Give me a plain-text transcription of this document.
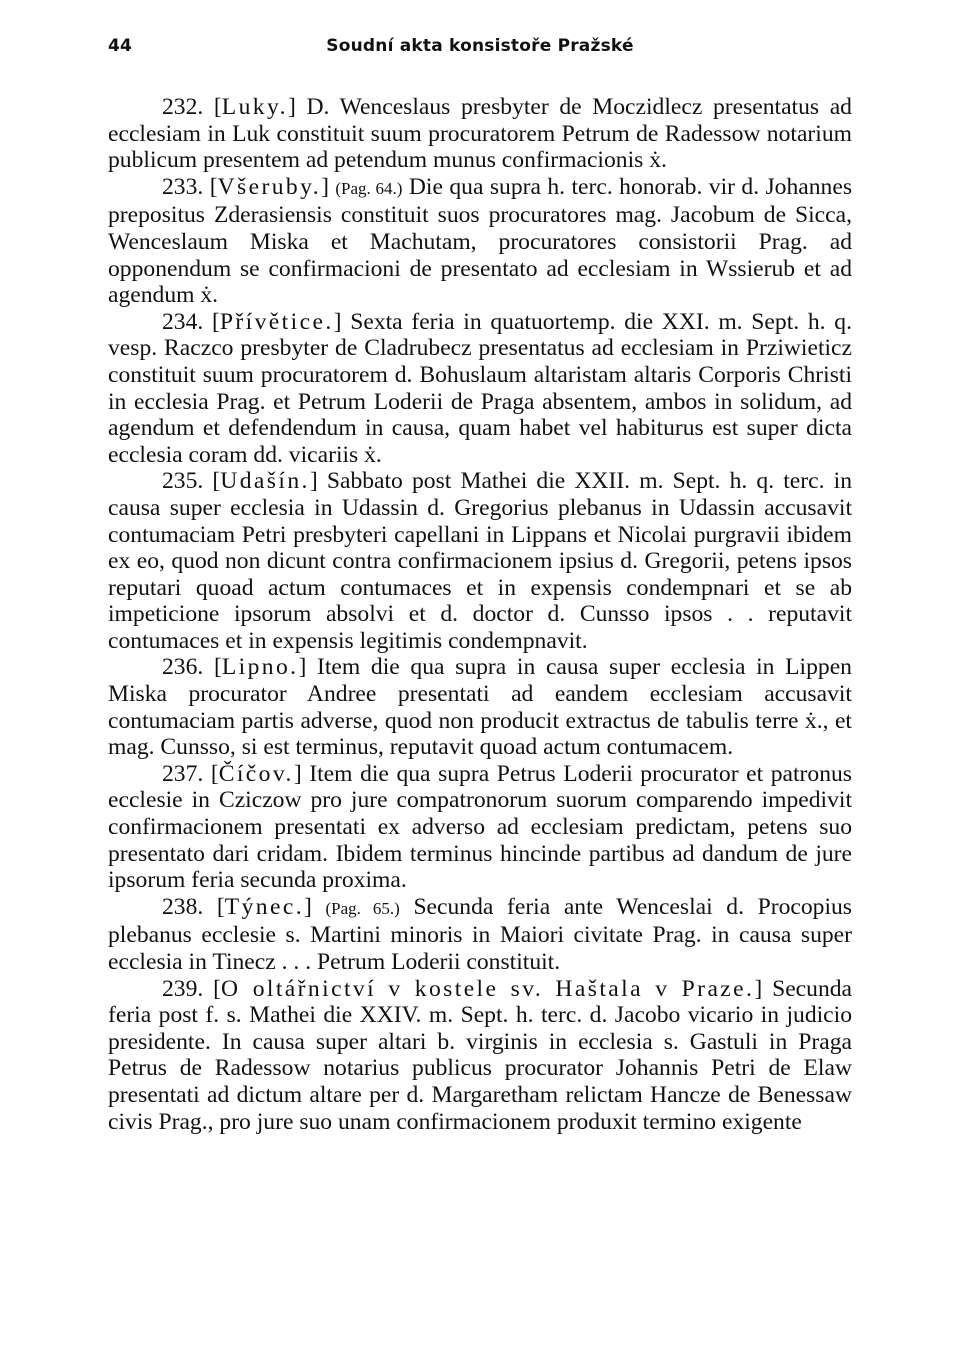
44	Soudní akta konsistoře Pražské

232. [Luky.] D. Wenceslaus presbyter de Moczidlecz presentatus ad ecclesiam in Luk constituit suum procuratorem Petrum de Radessow notarium publicum presentem ad petendum munus confirmacionis ẋ.

233. [Všeruby.] (Pag. 64.) Die qua supra h. terc. honorab. vir d. Johannes prepositus Zderasiensis constituit suos procuratores mag. Jacobum de Sicca, Wenceslaum Miska et Machutam, procuratores consistorii Prag. ad opponendum se confirmacioni de presentato ad ecclesiam in Wssierub et ad agendum ẋ.

234. [Přívětice.] Sexta feria in quatuortemp. die XXI. m. Sept. h. q. vesp. Raczco presbyter de Cladrubecz presentatus ad ecclesiam in Prziwieticz constituit suum procuratorem d. Bohuslaum altaristam altaris Corporis Christi in ecclesia Prag. et Petrum Loderii de Praga absentem, ambos in solidum, ad agendum et defendendum in causa, quam habet vel habiturus est super dicta ecclesia coram dd. vicariis ẋ.

235. [Udašín.] Sabbato post Mathei die XXII. m. Sept. h. q. terc. in causa super ecclesia in Udassin d. Gregorius plebanus in Udassin accusavit contumaciam Petri presbyteri capellani in Lippans et Nicolai purgravii ibidem ex eo, quod non dicunt contra confirmacionem ipsius d. Gregorii, petens ipsos reputari quoad actum contumaces et in expensis condempnari et se ab impeticione ipsorum absolvi et d. doctor d. Cunsso ipsos . . reputavit contumaces et in expensis legitimis condempnavit.

236. [Lipno.] Item die qua supra in causa super ecclesia in Lippen Miska procurator Andree presentati ad eandem ecclesiam accusavit contumaciam partis adverse, quod non producit extractus de tabulis terre ẋ., et mag. Cunsso, si est terminus, reputavit quoad actum contumacem.

237. [Číčov.] Item die qua supra Petrus Loderii procurator et patronus ecclesie in Cziczow pro jure compatronorum suorum comparendo impedivit confirmacionem presentati ex adverso ad ecclesiam predictam, petens suo presentato dari cridam. Ibidem terminus hincinde partibus ad dandum de jure ipsorum feria secunda proxima.

238. [Týnec.] (Pag. 65.) Secunda feria ante Wenceslai d. Procopius plebanus ecclesie s. Martini minoris in Maiori civitate Prag. in causa super ecclesia in Tinecz . . . Petrum Loderii constituit.

239. [O oltářnictví v kostele sv. Haštala v Praze.] Secunda feria post f. s. Mathei die XXIV. m. Sept. h. terc. d. Jacobo vicario in judicio presidente. In causa super altari b. virginis in ecclesia s. Gastuli in Praga Petrus de Radessow notarius publicus procurator Johannis Petri de Elaw presentati ad dictum altare per d. Margaretham relictam Hancze de Benessaw civis Prag., pro jure suo unam confirmacionem produxit termino exigente
